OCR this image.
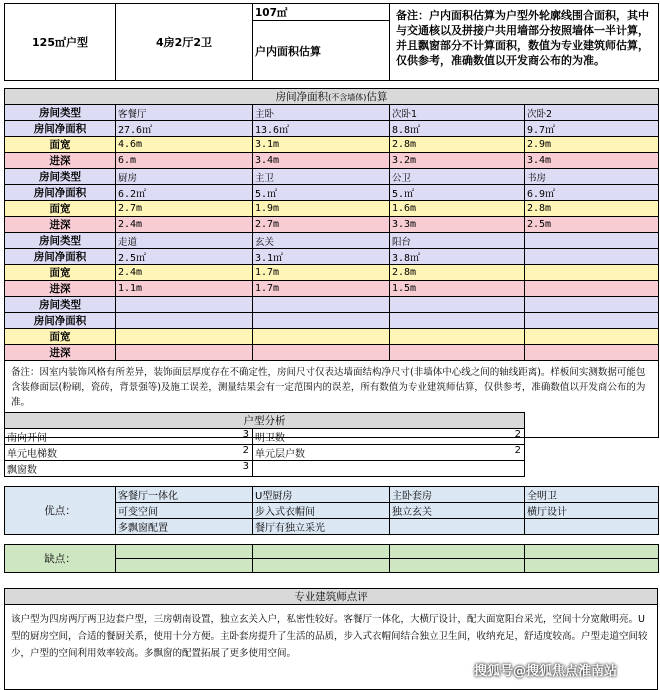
125㎡户型	4房2厅2卫	107㎡	备注：户内面积估算为户型外轮廓线围合面积，其中与交通核以及拼接户共用墙部分按照墙体一半计算，并且飘窗部分不计算面积，数值为专业建筑师估算，仅供参考，准确数值以开发商公布的为准。
户内面积估算
房间净面积(不含墙体)估算				
房间类型	客餐厅	主卧	次卧1	次卧2
房间净面积	27.6㎡	13.6㎡	8.8㎡	9.7㎡
面宽	4.6m	3.1m	2.8m	2.9m
进深	6.m	3.4m	3.2m	3.4m
房间类型	厨房	主卫	公卫	书房
房间净面积	6.2㎡	5.㎡	5.㎡	6.9㎡
面宽	2.7m	1.9m	1.6m	2.8m
进深	2.4m	2.7m	3.3m	2.5m
房间类型	走道	玄关	阳台	
房间净面积	2.5㎡	3.1㎡	3.8㎡	
面宽	2.4m	1.7m	2.8m	
进深	1.1m	1.7m	1.5m	
房间类型				
房间净面积				
面宽				
进深				
备注：因室内装饰风格有所差异，装饰面层厚度存在不确定性，房间尺寸仅表达墙面结构净尺寸(非墙体中心线之间的轴线距离)。样板间实测数据可能包含装修面层(粉刷，瓷砖，背景强等)及施工误差，测量结果会有一定范围内的误差，所有数值为专业建筑师估算，仅供参考，准确数值以开发商公布的为准。				
户型分析	
南向开间 3	明卫数 2

单元电梯数 2	单元层户数 2

飘窗数 3	

优点：	客餐厅一体化	U型厨房	主卧套房	全明卫
	可变空间	步入式衣帽间	独立玄关	横厅设计
	多飘窗配置	餐厅有独立采光		
缺点：				

专业建筑师点评
该户型为四房两厅两卫边套户型，三房朝南设置，独立玄关入户，私密性较好。客餐厅一体化，大横厅设计，配大面宽阳台采光，空间十分宽敞明亮。U型的厨房空间，合适的餐厨关系，使用十分方便。主卧套房提升了生活的品质，步入式衣帽间结合独立卫生间，收纳充足，舒适度较高。户型走道空间较少，户型的空间利用效率较高。多飘窗的配置拓展了更多使用空间。
搜狐号@搜狐焦点淮南站
